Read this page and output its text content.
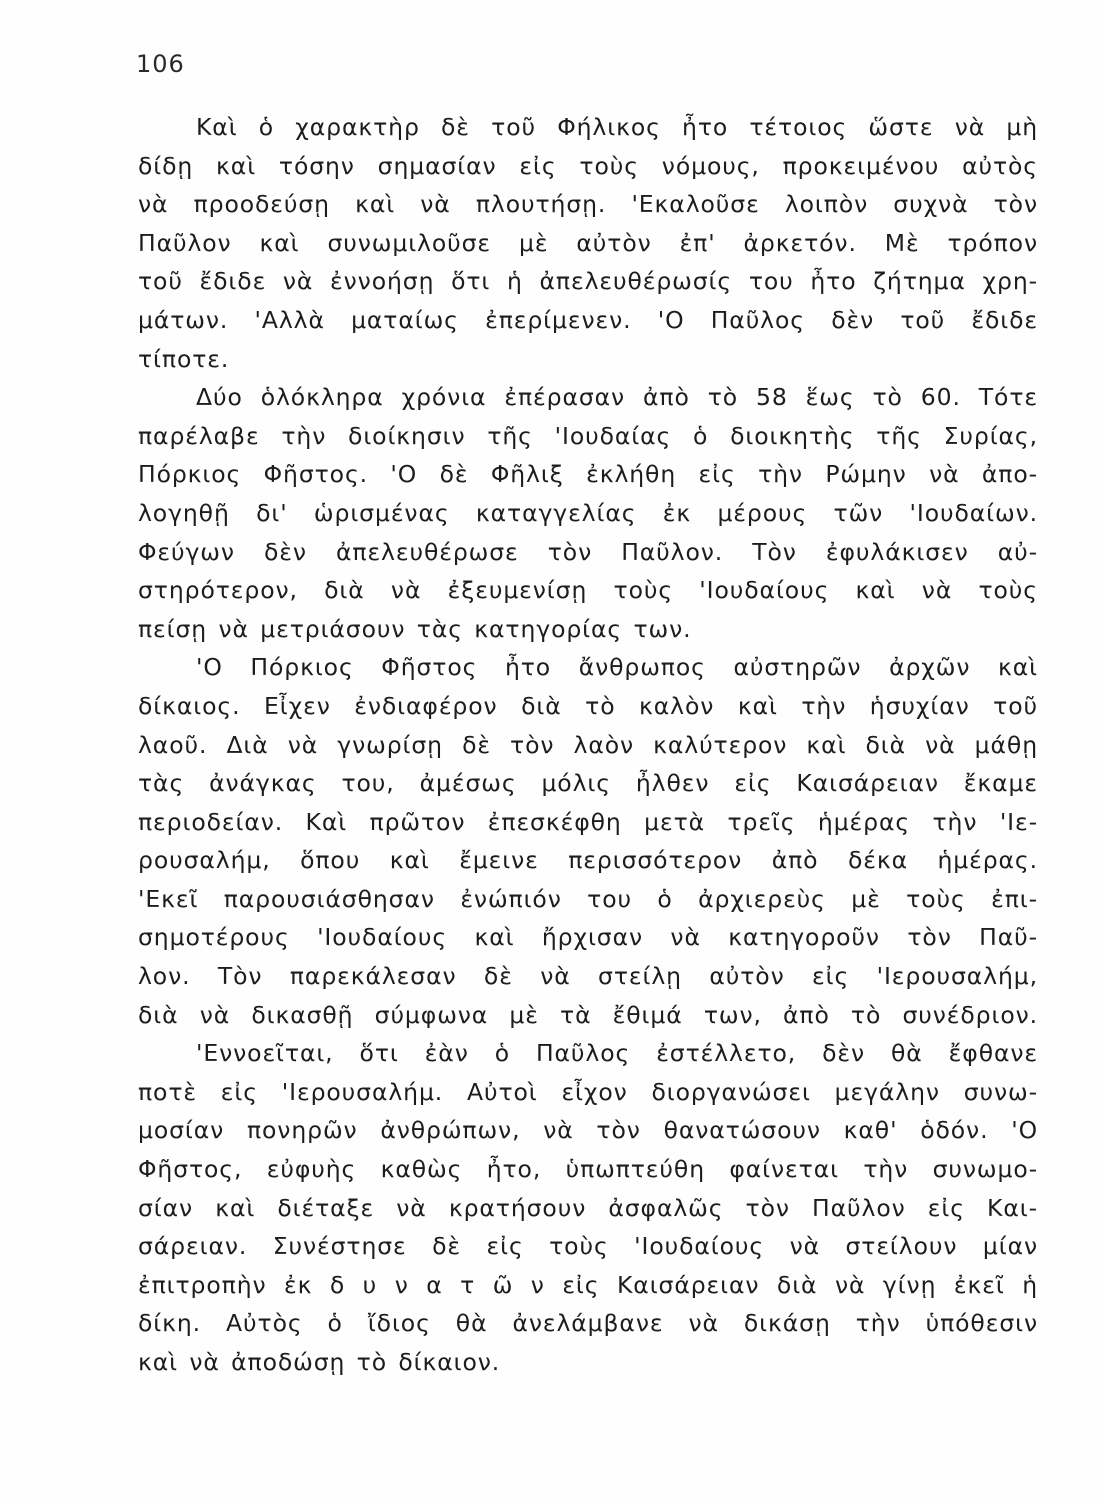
106
Καὶ ὁ χαρακτὴρ δὲ τοῦ Φήλικος ἦτο τέτοιος ὥστε νὰ μὴ
δίδῃ καὶ τόσην σημασίαν εἰς τοὺς νόμους, προκειμένου αὐτὸς
νὰ προοδεύσῃ καὶ νὰ πλουτήσῃ. 'Εκαλοῦσε λοιπὸν συχνὰ τὸν
Παῦλον καὶ συνωμιλοῦσε μὲ αὐτὸν ἐπ' ἀρκετόν. Μὲ τρόπον
τοῦ ἔδιδε νὰ ἐννοήσῃ ὅτι ἡ ἀπελευθέρωσίς του ἦτο ζήτημα χρη-
μάτων. 'Αλλὰ ματαίως ἐπερίμενεν. 'Ο Παῦλος δὲν τοῦ ἔδιδε
τίποτε.
Δύο ὁλόκληρα χρόνια ἐπέρασαν ἀπὸ τὸ 58 ἕως τὸ 60. Τότε
παρέλαβε τὴν διοίκησιν τῆς 'Ιουδαίας ὁ διοικητὴς τῆς Συρίας,
Πόρκιος Φῆστος. 'Ο δὲ Φῆλιξ ἐκλήθη εἰς τὴν Ρώμην νὰ ἀπο-
λογηθῇ δι' ὡρισμένας καταγγελίας ἐκ μέρους τῶν 'Ιουδαίων.
Φεύγων δὲν ἀπελευθέρωσε τὸν Παῦλον. Τὸν ἐφυλάκισεν αὐ-
στηρότερον, διὰ νὰ ἐξευμενίσῃ τοὺς 'Ιουδαίους καὶ νὰ τοὺς
πείσῃ νὰ μετριάσουν τὰς κατηγορίας των.
'Ο Πόρκιος Φῆστος ἦτο ἄνθρωπος αὐστηρῶν ἀρχῶν καὶ
δίκαιος. Εἶχεν ἐνδιαφέρον διὰ τὸ καλὸν καὶ τὴν ἡσυχίαν τοῦ
λαοῦ. Διὰ νὰ γνωρίσῃ δὲ τὸν λαὸν καλύτερον καὶ διὰ νὰ μάθῃ
τὰς ἀνάγκας του, ἀμέσως μόλις ἦλθεν εἰς Καισάρειαν ἔκαμε
περιοδείαν. Καὶ πρῶτον ἐπεσκέφθη μετὰ τρεῖς ἡμέρας τὴν 'Ιε-
ρουσαλήμ, ὅπου καὶ ἔμεινε περισσότερον ἀπὸ δέκα ἡμέρας.
'Εκεῖ παρουσιάσθησαν ἐνώπιόν του ὁ ἀρχιερεὺς μὲ τοὺς ἐπι-
σημοτέρους 'Ιουδαίους καὶ ἤρχισαν νὰ κατηγοροῦν τὸν Παῦ-
λον. Τὸν παρεκάλεσαν δὲ νὰ στείλῃ αὐτὸν εἰς 'Ιερουσαλήμ,
διὰ νὰ δικασθῇ σύμφωνα μὲ τὰ ἔθιμά των, ἀπὸ τὸ συνέδριον.
'Εννοεῖται, ὅτι ἐὰν ὁ Παῦλος ἐστέλλετο, δὲν θὰ ἔφθανε
ποτὲ εἰς 'Ιερουσαλήμ. Αὐτοὶ εἶχον διοργανώσει μεγάλην συνω-
μοσίαν πονηρῶν ἀνθρώπων, νὰ τὸν θανατώσουν καθ' ὁδόν. 'Ο
Φῆστος, εὐφυὴς καθὼς ἦτο, ὑπωπτεύθη φαίνεται τὴν συνωμο-
σίαν καὶ διέταξε νὰ κρατήσουν ἀσφαλῶς τὸν Παῦλον εἰς Και-
σάρειαν. Συνέστησε δὲ εἰς τοὺς 'Ιουδαίους νὰ στείλουν μίαν
ἐπιτροπὴν ἐκ δ υ ν α τ ῶ ν εἰς Καισάρειαν διὰ νὰ γίνῃ ἐκεῖ ἡ
δίκη. Αὐτὸς ὁ ἴδιος θὰ ἀνελάμβανε νὰ δικάσῃ τὴν ὑπόθεσιν
καὶ νὰ ἀποδώσῃ τὸ δίκαιον.
